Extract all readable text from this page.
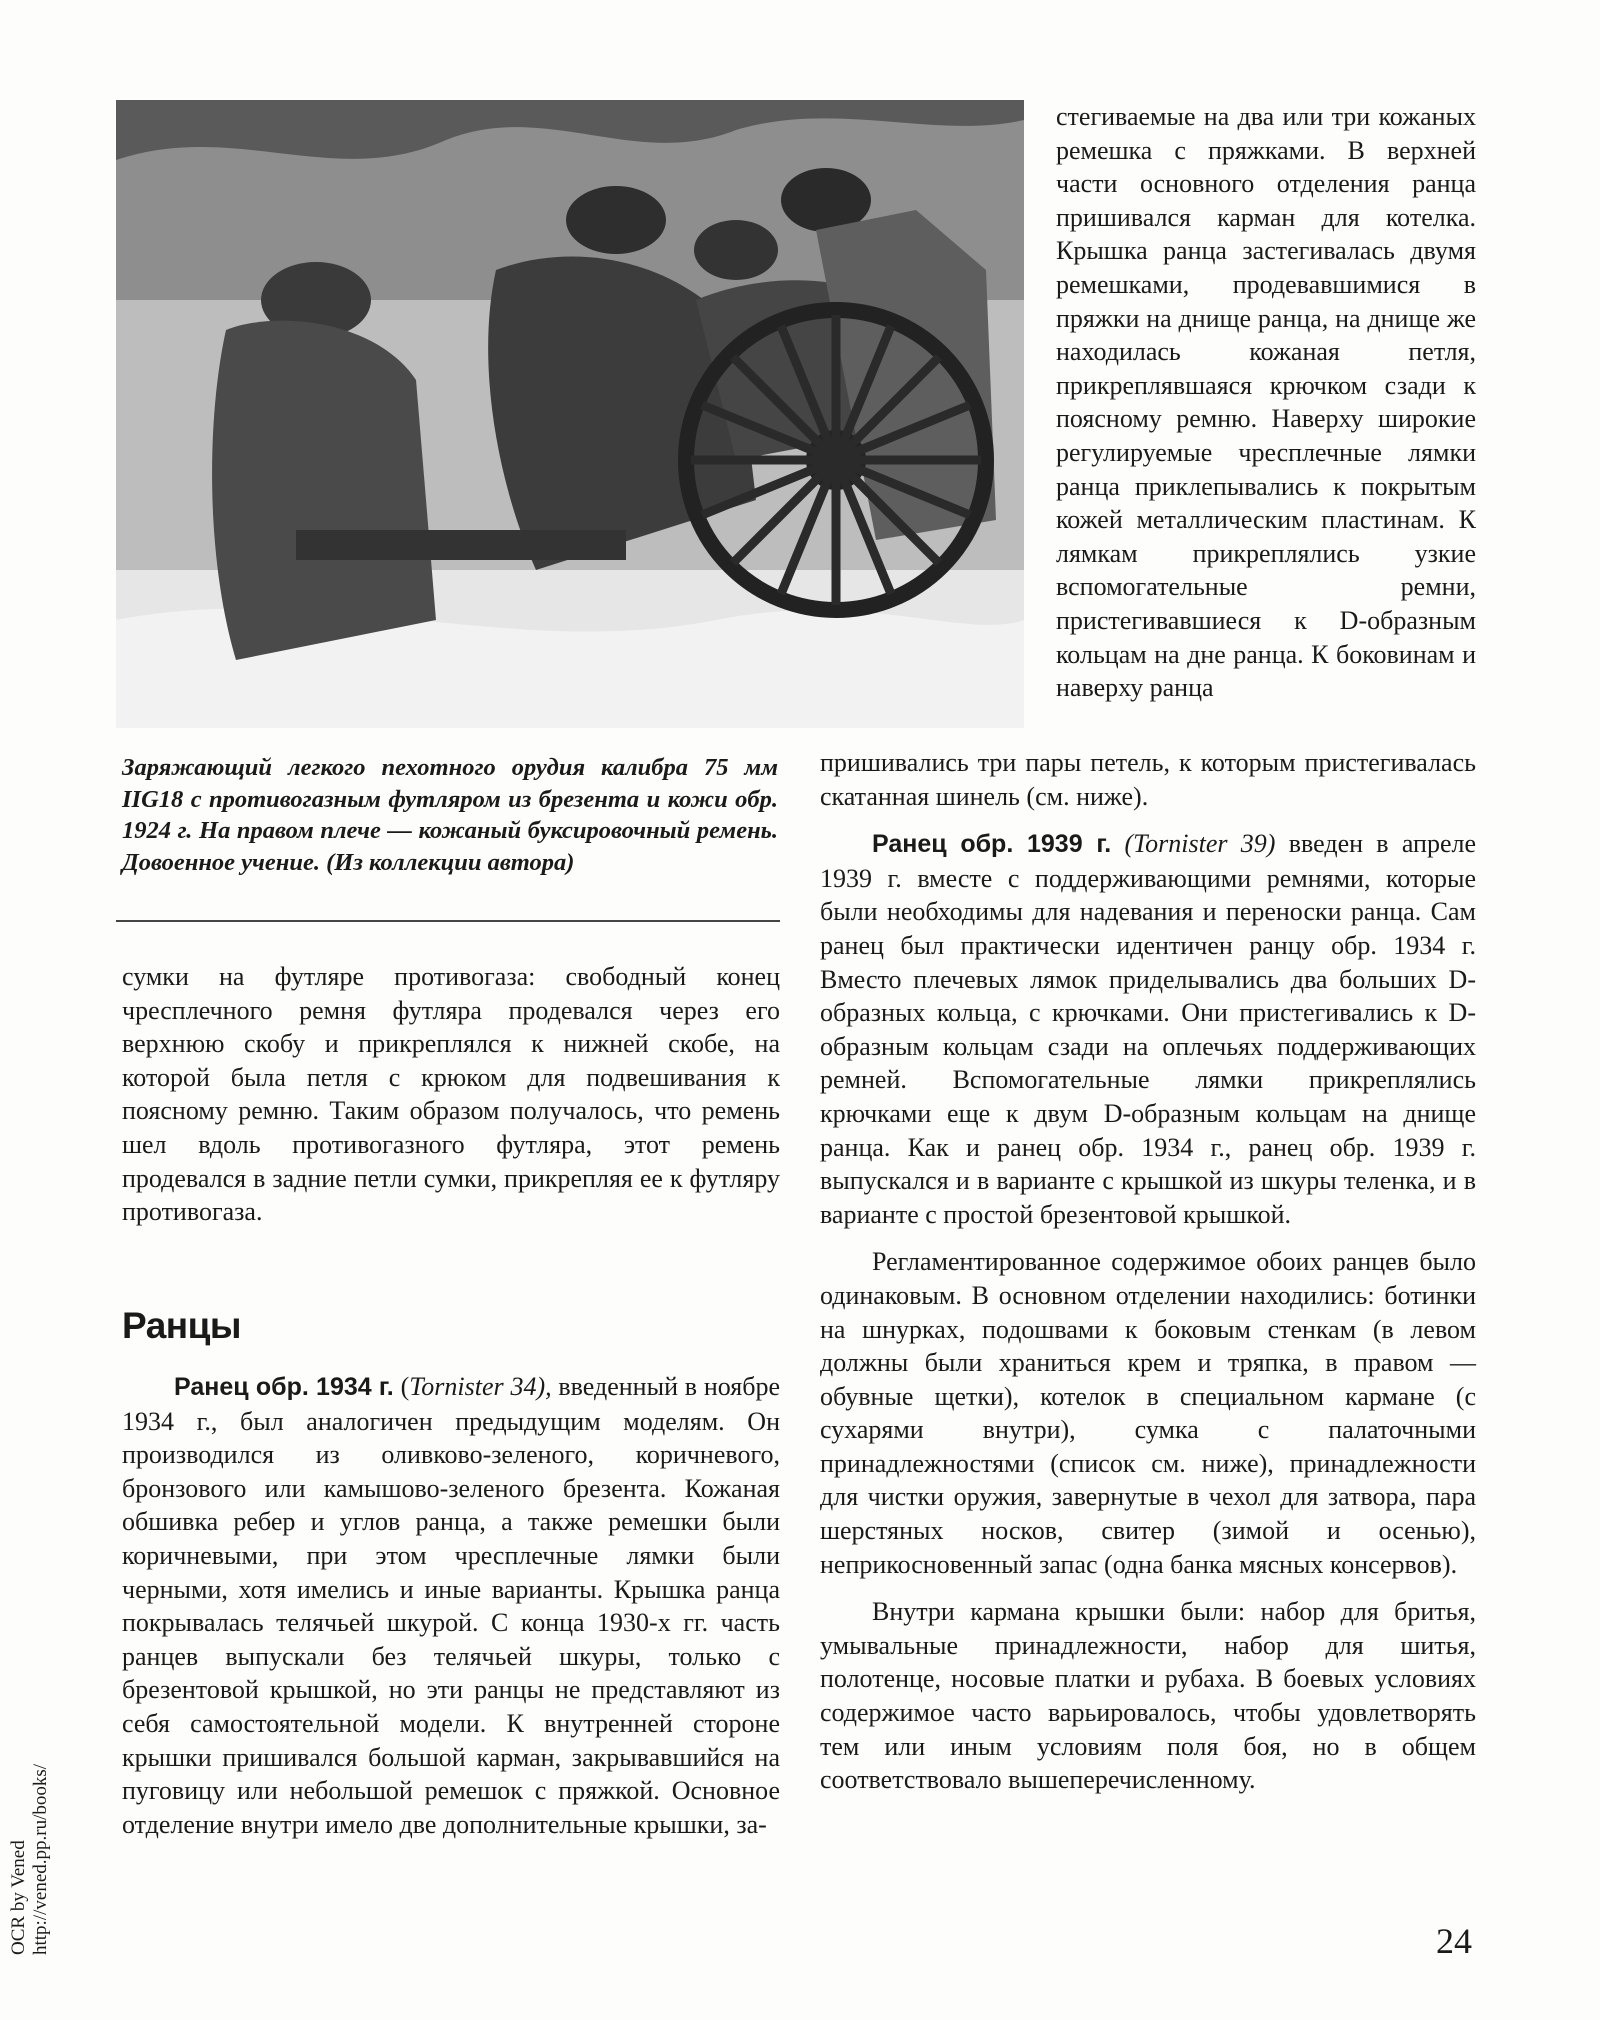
Заряжающий легкого пехотного орудия калибра 75 мм IIG18 с противогазным футляром из брезента и кожи обр. 1924 г. На правом плече — кожаный буксировочный ремень. Довоенное учение. (Из коллекции автора)

стегиваемые на два или три кожаных ремешка с пряжками. В верхней части основного отделения ранца пришивался карман для котелка. Крышка ранца застегивалась двумя ремешками, продевавшимися в пряжки на днище ранца, на днище же находилась кожаная петля, прикреплявшаяся крючком сзади к поясному ремню. Наверху широкие регулируемые чресплечные лямки ранца приклепывались к покрытым кожей металлическим пластинам. К лямкам прикреплялись узкие вспомогательные ремни, пристегивавшиеся к D-образным кольцам на дне ранца. К боковинам и наверху ранца

пришивались три пары петель, к которым пристегивалась скатанная шинель (см. ниже).

Ранец обр. 1939 г. (Tornister 39) введен в апреле 1939 г. вместе с поддерживающими ремнями, которые были необходимы для надевания и переноски ранца. Сам ранец был практически идентичен ранцу обр. 1934 г. Вместо плечевых лямок приделывались два больших D-образных кольца, с крючками. Они пристегивались к D-образным кольцам сзади на оплечьях поддерживающих ремней. Вспомогательные лямки прикреплялись крючками еще к двум D-образным кольцам на днище ранца. Как и ранец обр. 1934 г., ранец обр. 1939 г. выпускался и в варианте с крышкой из шкуры теленка, и в варианте с простой брезентовой крышкой.

Регламентированное содержимое обоих ранцев было одинаковым. В основном отделении находились: ботинки на шнурках, подошвами к боковым стенкам (в левом должны были храниться крем и тряпка, в правом — обувные щетки), котелок в специальном кармане (с сухарями внутри), сумка с палаточными принадлежностями (список см. ниже), принадлежности для чистки оружия, завернутые в чехол для затвора, пара шерстяных носков, свитер (зимой и осенью), неприкосновенный запас (одна банка мясных консервов).

Внутри кармана крышки были: набор для бритья, умывальные принадлежности, набор для шитья, полотенце, носовые платки и рубаха. В боевых условиях содержимое часто варьировалось, чтобы удовлетворять тем или иным условиям поля боя, но в общем соответствовало вышеперечисленному.

сумки на футляре противогаза: свободный конец чресплечного ремня футляра продевался через его верхнюю скобу и прикреплялся к нижней скобе, на которой была петля с крюком для подвешивания к поясному ремню. Таким образом получалось, что ремень шел вдоль противогазного футляра, этот ремень продевался в задние петли сумки, прикрепляя ее к футляру противогаза.

Ранцы

Ранец обр. 1934 г. (Tornister 34), введенный в ноябре 1934 г., был аналогичен предыдущим моделям. Он производился из оливково-зеленого, коричневого, бронзового или камышово-зеленого брезента. Кожаная обшивка ребер и углов ранца, а также ремешки были коричневыми, при этом чресплечные лямки были черными, хотя имелись и иные варианты. Крышка ранца покрывалась телячьей шкурой. С конца 1930-х гг. часть ранцев выпускали без телячьей шкуры, только с брезентовой крышкой, но эти ранцы не представляют из себя самостоятельной модели. К внутренней стороне крышки пришивался большой карман, закрывавшийся на пуговицу или небольшой ремешок с пряжкой. Основное отделение внутри имело две дополнительные крышки, за-

24
OCR by Vened http://vened.pp.ru/books/
